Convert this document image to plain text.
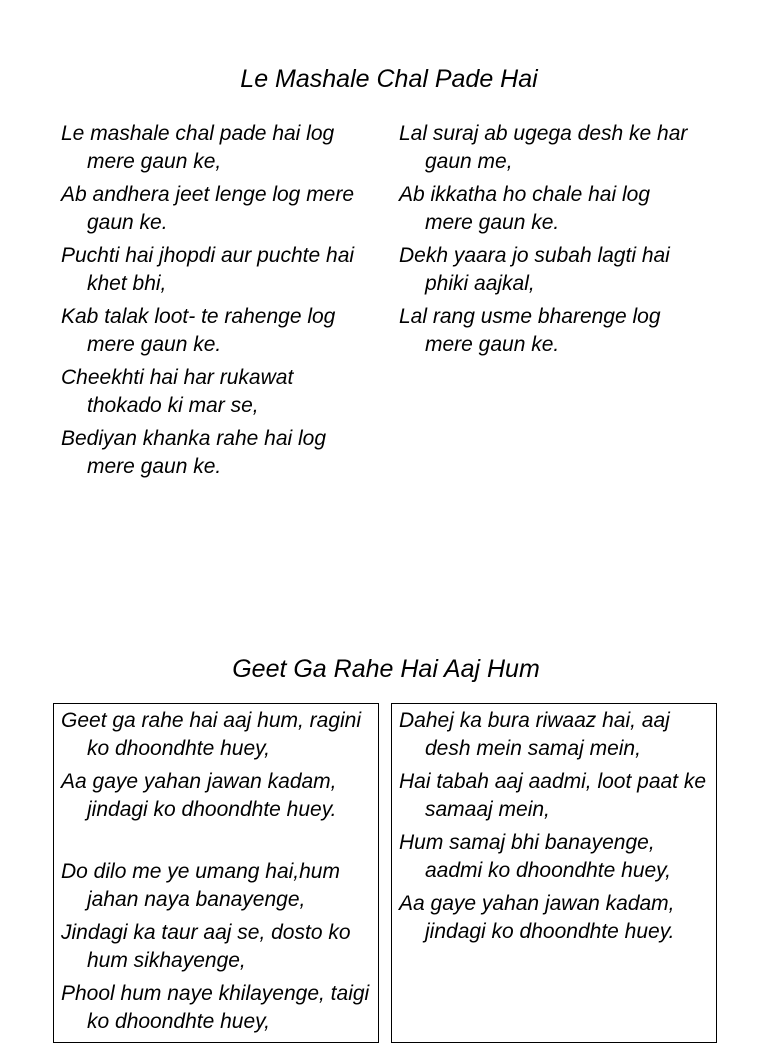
Le Mashale Chal Pade Hai

Le mashale chal pade hai log mere gaun ke,

Ab andhera jeet lenge log mere gaun ke.

Puchti hai jhopdi aur puchte hai khet bhi,

Kab talak loot- te rahenge log mere gaun ke.

Cheekhti hai har rukawat thokado ki mar se,

Bediyan khanka rahe hai log mere gaun ke.

Lal suraj ab ugega desh ke har gaun me,

Ab ikkatha ho chale hai log mere gaun ke.

Dekh yaara jo subah lagti hai phiki aajkal,

Lal rang usme bharenge log mere gaun ke.

Geet Ga Rahe Hai Aaj Hum

Geet ga rahe hai aaj hum, ragini ko dhoondhte huey,

Aa gaye yahan jawan kadam, jindagi ko dhoondhte huey.

Do dilo me ye umang hai,hum jahan naya banayenge,

Jindagi ka taur aaj se, dosto ko hum sikhayenge,

Phool hum naye khilayenge, taigi ko dhoondhte huey,

Dahej ka bura riwaaz hai, aaj desh mein samaj mein,

Hai tabah aaj aadmi, loot paat ke samaaj mein,

Hum samaj bhi banayenge, aadmi ko dhoondhte huey,

Aa gaye yahan jawan kadam, jindagi ko dhoondhte huey.
